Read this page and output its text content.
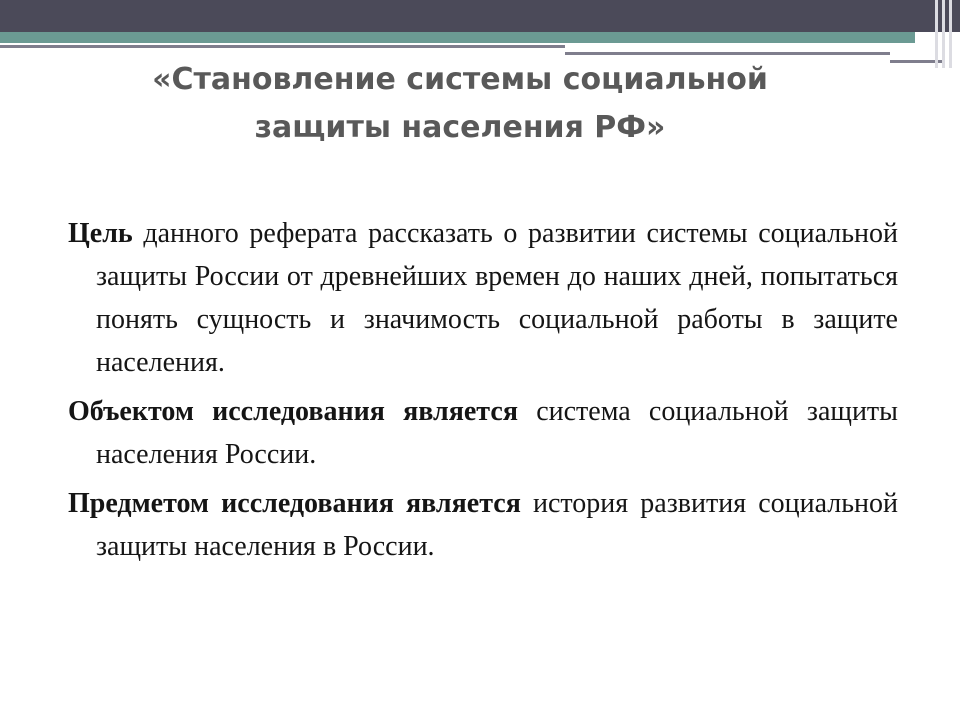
«Становление системы социальной
защиты населения РФ»

Цель данного реферата рассказать о развитии системы социальной защиты России от древнейших времен до наших дней, попытаться понять сущность и значимость социальной работы в защите населения.

Объектом исследования является система социальной защиты населения России.

Предметом исследования является история развития социальной защиты населения в России.
